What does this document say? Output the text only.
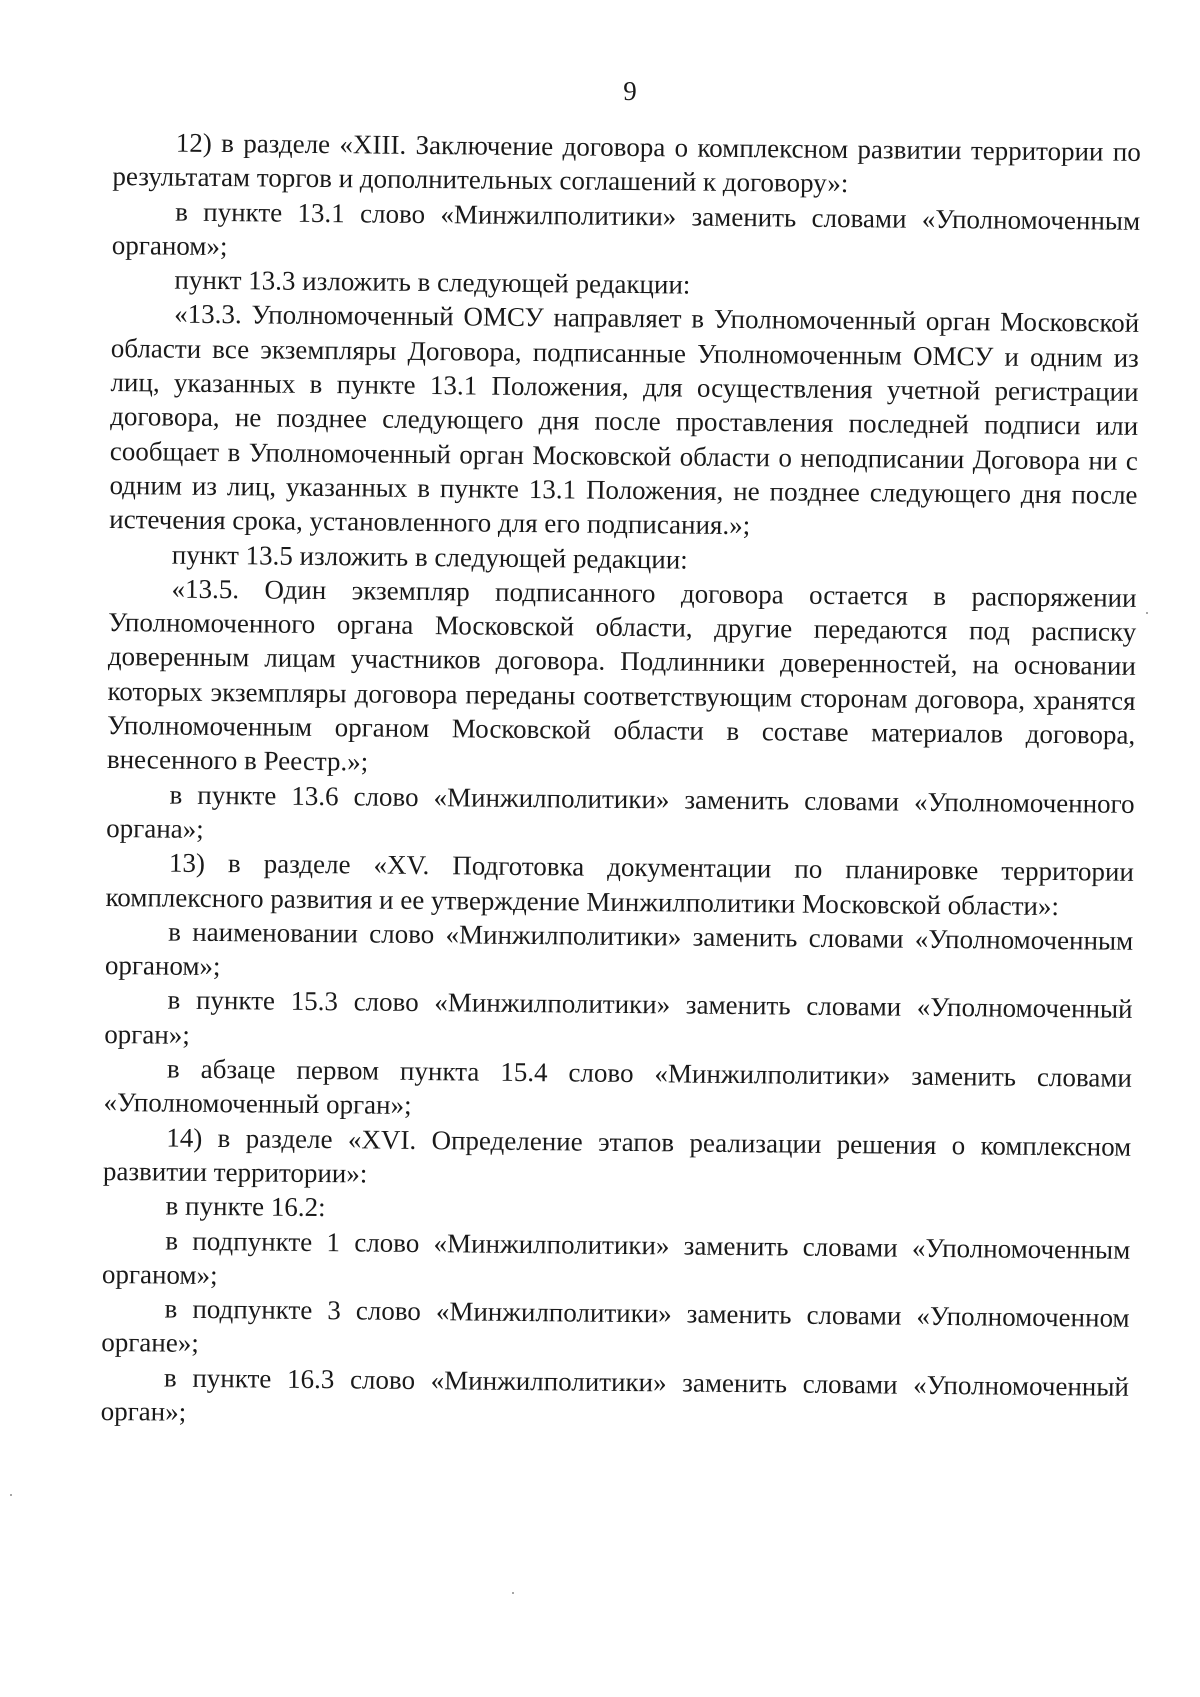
9

12) в разделе «XIII. Заключение договора о комплексном развитии территории по результатам торгов и дополнительных соглашений к договору»:

в пункте 13.1 слово «Минжилполитики» заменить словами «Уполномоченным органом»;

пункт 13.3 изложить в следующей редакции:

«13.3. Уполномоченный ОМСУ направляет в Уполномоченный орган Московской области все экземпляры Договора, подписанные Уполномоченным ОМСУ и одним из лиц, указанных в пункте 13.1 Положения, для осуществления учетной регистрации договора, не позднее следующего дня после проставления последней подписи или сообщает в Уполномоченный орган Московской области о неподписании Договора ни с одним из лиц, указанных в пункте 13.1 Положения, не позднее следующего дня после истечения срока, установленного для его подписания.»;

пункт 13.5 изложить в следующей редакции:

«13.5. Один экземпляр подписанного договора остается в распоряжении Уполномоченного органа Московской области, другие передаются под расписку доверенным лицам участников договора. Подлинники доверенностей, на основании которых экземпляры договора переданы соответствующим сторонам договора, хранятся Уполномоченным органом Московской области в составе материалов договора, внесенного в Реестр.»;

в пункте 13.6 слово «Минжилполитики» заменить словами «Уполномоченного органа»;

13) в разделе «XV. Подготовка документации по планировке территории комплексного развития и ее утверждение Минжилполитики Московской области»:

в наименовании слово «Минжилполитики» заменить словами «Уполномоченным органом»;

в пункте 15.3 слово «Минжилполитики» заменить словами «Уполномоченный орган»;

в абзаце первом пункта 15.4 слово «Минжилполитики» заменить словами «Уполномоченный орган»;

14) в разделе «XVI. Определение этапов реализации решения о комплексном развитии территории»:

в пункте 16.2:

в подпункте 1 слово «Минжилполитики» заменить словами «Уполномоченным органом»;

в подпункте 3 слово «Минжилполитики» заменить словами «Уполномоченном органе»;

в пункте 16.3 слово «Минжилполитики» заменить словами «Уполномоченный орган»;
